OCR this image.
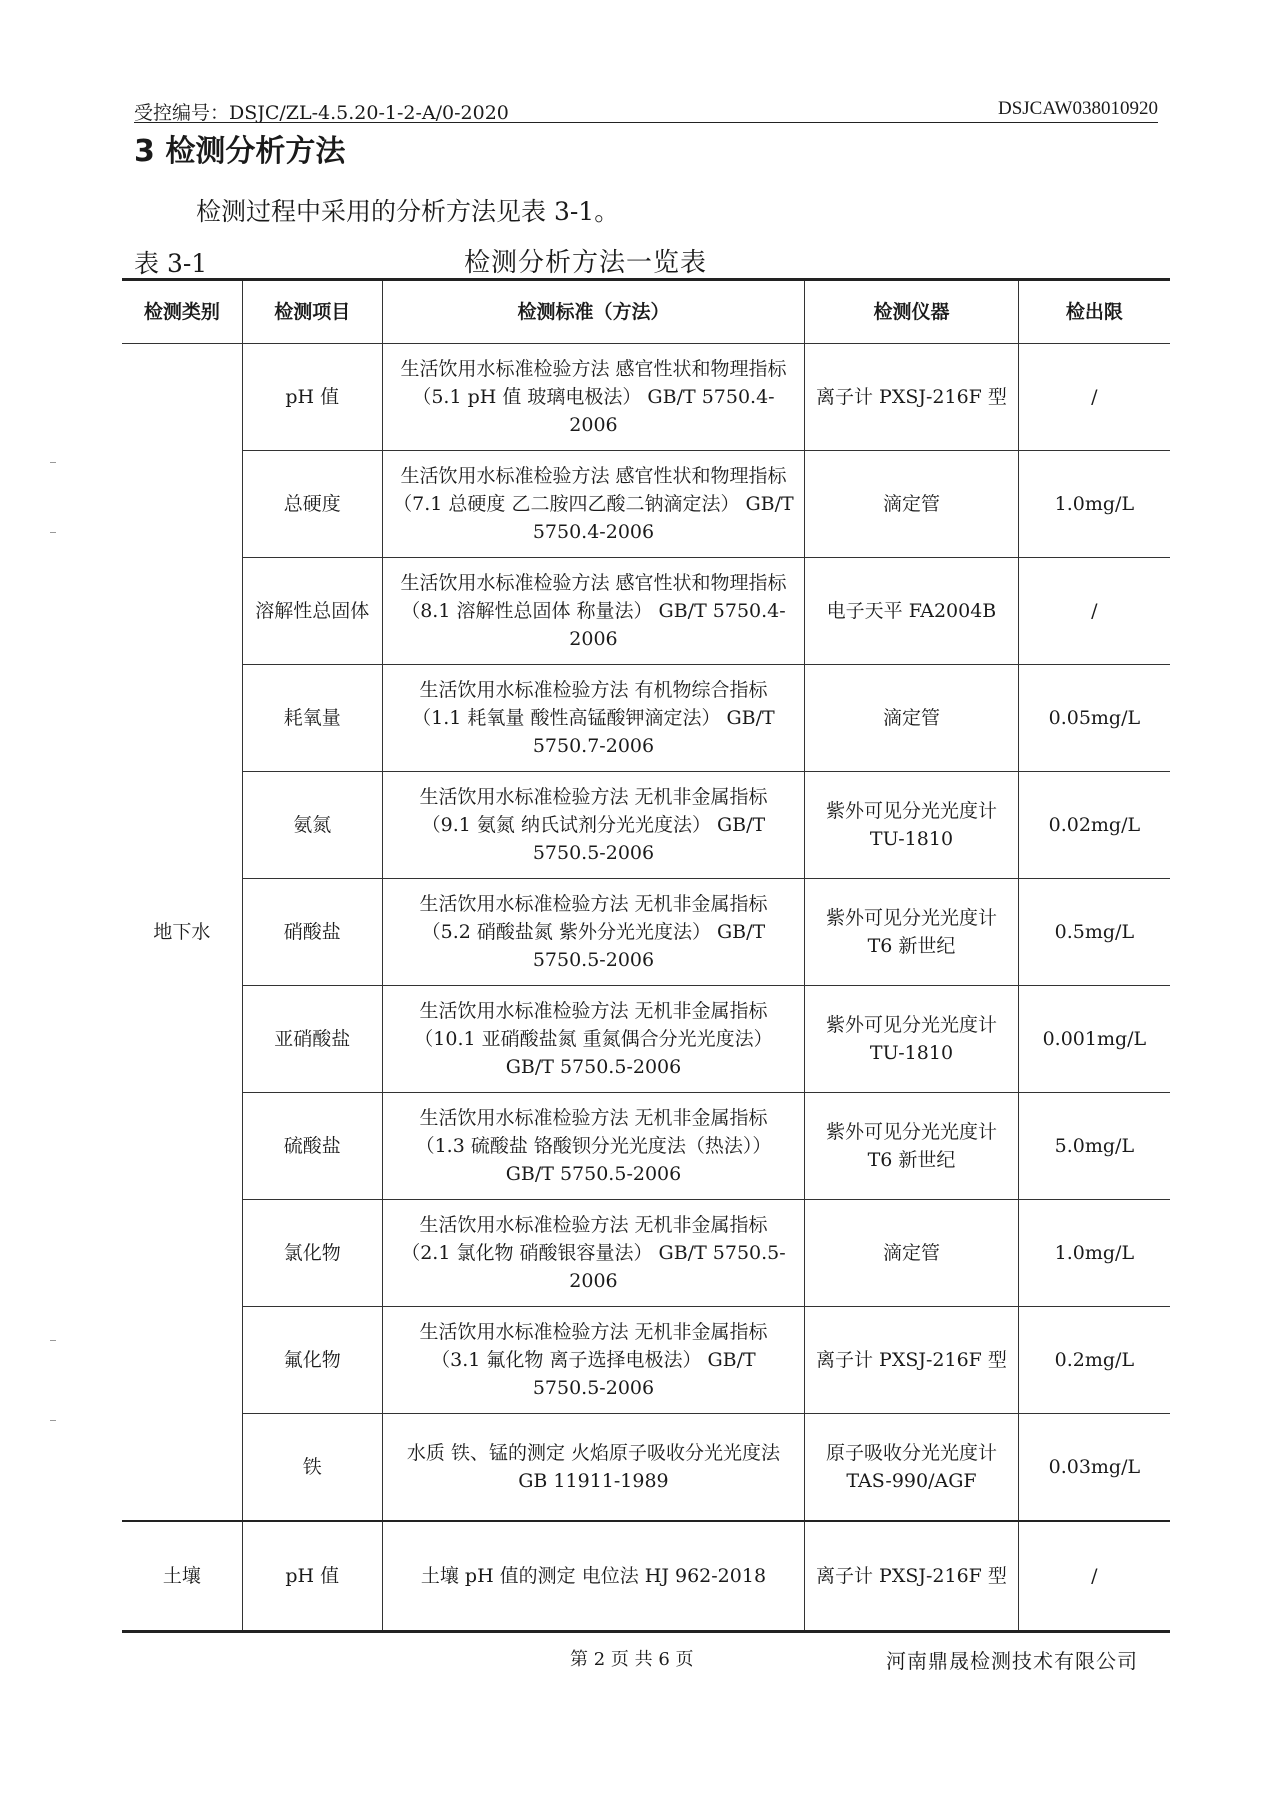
受控编号：DSJC/ZL-4.5.20-1-2-A/0-2020	DSJCAW038010920
3 检测分析方法
检测过程中采用的分析方法见表 3-1。
表 3-1	检测分析方法一览表
检测类别	检测项目	检测标准（方法）	检测仪器	检出限
地下水	pH 值	生活饮用水标准检验方法 感官性状和物理指标 （5.1 pH 值 玻璃电极法） GB/T 5750.4-2006	离子计 PXSJ-216F 型	/
	总硬度	生活饮用水标准检验方法 感官性状和物理指标 （7.1 总硬度 乙二胺四乙酸二钠滴定法） GB/T 5750.4-2006	滴定管	1.0mg/L
	溶解性总固体	生活饮用水标准检验方法 感官性状和物理指标 （8.1 溶解性总固体 称量法） GB/T 5750.4-2006	电子天平 FA2004B	/
	耗氧量	生活饮用水标准检验方法 有机物综合指标 （1.1 耗氧量 酸性高锰酸钾滴定法） GB/T 5750.7-2006	滴定管	0.05mg/L
	氨氮	生活饮用水标准检验方法 无机非金属指标 （9.1 氨氮 纳氏试剂分光光度法） GB/T 5750.5-2006	紫外可见分光光度计 TU-1810	0.02mg/L
	硝酸盐	生活饮用水标准检验方法 无机非金属指标 （5.2 硝酸盐氮 紫外分光光度法） GB/T 5750.5-2006	紫外可见分光光度计 T6 新世纪	0.5mg/L
	亚硝酸盐	生活饮用水标准检验方法 无机非金属指标 （10.1 亚硝酸盐氮 重氮偶合分光光度法） GB/T 5750.5-2006	紫外可见分光光度计 TU-1810	0.001mg/L
	硫酸盐	生活饮用水标准检验方法 无机非金属指标 （1.3 硫酸盐 铬酸钡分光光度法（热法）） GB/T 5750.5-2006	紫外可见分光光度计 T6 新世纪	5.0mg/L
	氯化物	生活饮用水标准检验方法 无机非金属指标 （2.1 氯化物 硝酸银容量法） GB/T 5750.5-2006	滴定管	1.0mg/L
	氟化物	生活饮用水标准检验方法 无机非金属指标 （3.1 氟化物 离子选择电极法） GB/T 5750.5-2006	离子计 PXSJ-216F 型	0.2mg/L
	铁	水质 铁、锰的测定 火焰原子吸收分光光度法 GB 11911-1989	原子吸收分光光度计 TAS-990/AGF	0.03mg/L
土壤	pH 值	土壤 pH 值的测定 电位法 HJ 962-2018	离子计 PXSJ-216F 型	/
第 2 页 共 6 页	河南鼎晟检测技术有限公司
